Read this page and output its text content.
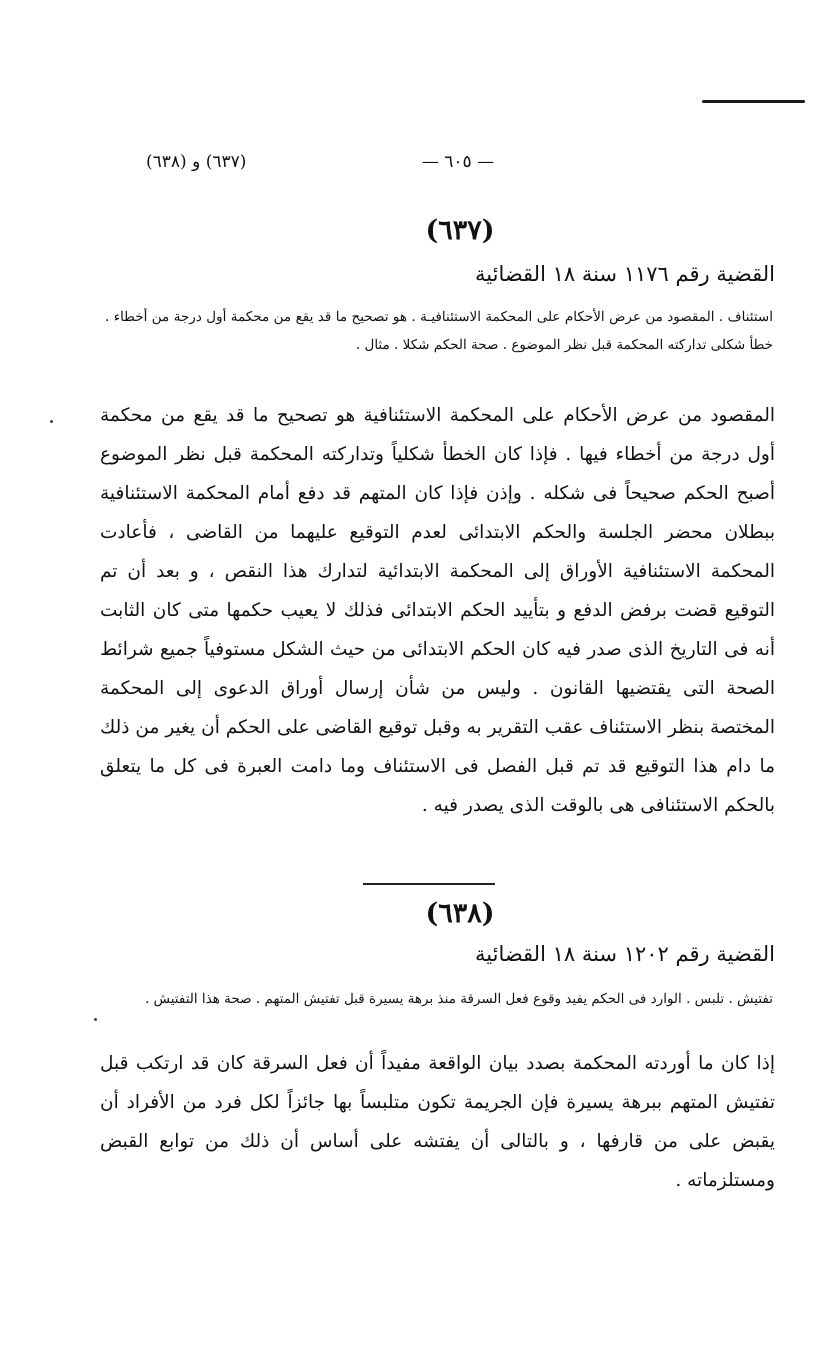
(٦٣٧) و (٦٣٨)	— ٦٠٥ —
(٦٣٧)
القضية رقم ١١٧٦ سنة ١٨ القضائية
استئناف . المقصود من عرض الأحكام على المحكمة الاستئنافيـة . هو تصحيح ما قد يقع من محكمة أول درجة من أخطاء . خطأ شكلى تداركته المحكمة قبل نظر الموضوع . صحة الحكم شكلا . مثال .
المقصود من عرض الأحكام على المحكمة الاستئنافية هو تصحيح ما قد يقع من محكمة أول درجة من أخطاء فيها . فإذا كان الخطأ شكلياً وتداركته المحكمة قبل نظر الموضوع أصبح الحكم صحيحاً فى شكله . وإذن فإذا كان المتهم قد دفع أمام المحكمة الاستئنافية ببطلان محضر الجلسة والحكم الابتدائى لعدم التوقيع عليهما من القاضى ، فأعادت المحكمة الاستئنافية الأوراق إلى المحكمة الابتدائية لتدارك هذا النقص ، و بعد أن تم التوقيع قضت برفض الدفع و بتأييد الحكم الابتدائى فذلك لا يعيب حكمها متى كان الثابت أنه فى التاريخ الذى صدر فيه كان الحكم الابتدائى من حيث الشكل مستوفياً جميع شرائط الصحة التى يقتضيها القانون . وليس من شأن إرسال أوراق الدعوى إلى المحكمة المختصة بنظر الاستئناف عقب التقرير به وقبل توقيع القاضى على الحكم أن يغير من ذلك ما دام هذا التوقيع قد تم قبل الفصل فى الاستئناف وما دامت العبرة فى كل ما يتعلق بالحكم الاستئنافى هى بالوقت الذى يصدر فيه .
(٦٣٨)
القضية رقم ١٢٠٢ سنة ١٨ القضائية
تفتيش . تلبس . الوارد فى الحكم يفيد وقوع فعل السرقة منذ برهة يسيرة قبل تفتيش المتهم . صحة هذا التفتيش .
إذا كان ما أوردته المحكمة بصدد بيان الواقعة مفيداً أن فعل السرقة كان قد ارتكب قبل تفتيش المتهم ببرهة يسيرة فإن الجريمة تكون متلبساً بها جائزاً لكل فرد من الأفراد أن يقبض على من قارفها ، و بالتالى أن يفتشه على أساس أن ذلك من توابع القبض ومستلزماته .
